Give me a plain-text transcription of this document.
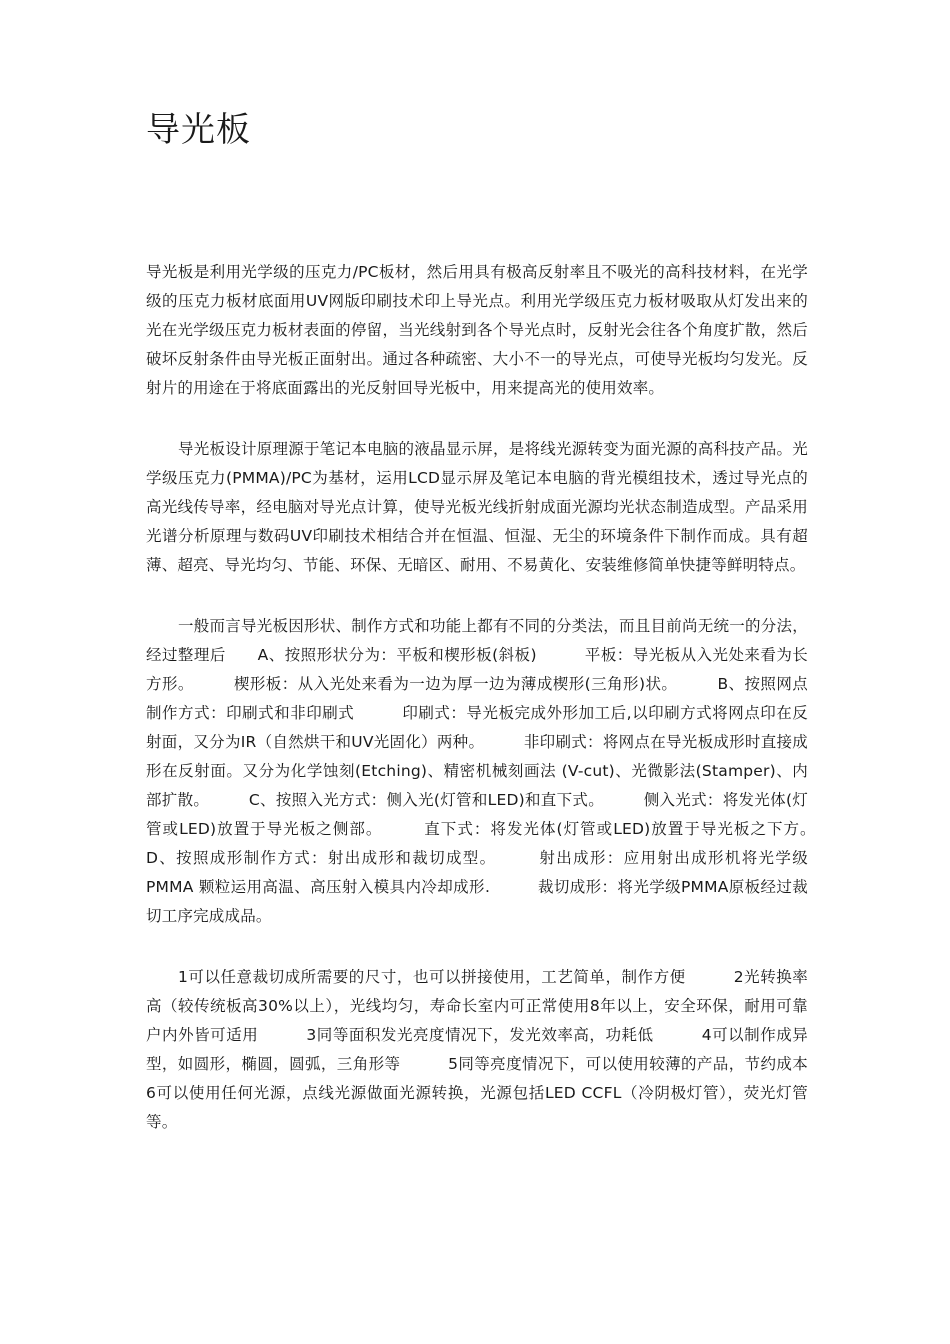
导光板

导光板是利用光学级的压克力/PC板材，然后用具有极高反射率且不吸光的高科技材料，在光学级的压克力板材底面用UV网版印刷技术印上导光点。利用光学级压克力板材吸取从灯发出来的光在光学级压克力板材表面的停留，当光线射到各个导光点时，反射光会往各个角度扩散，然后破坏反射条件由导光板正面射出。通过各种疏密、大小不一的导光点，可使导光板均匀发光。反射片的用途在于将底面露出的光反射回导光板中，用来提高光的使用效率。

导光板设计原理源于笔记本电脑的液晶显示屏，是将线光源转变为面光源的高科技产品。光学级压克力(PMMA)/PC为基材，运用LCD显示屏及笔记本电脑的背光模组技术，透过导光点的高光线传导率，经电脑对导光点计算，使导光板光线折射成面光源均光状态制造成型。产品采用光谱分析原理与数码UV印刷技术相结合并在恒温、恒湿、无尘的环境条件下制作而成。具有超薄、超亮、导光均匀、节能、环保、无暗区、耐用、不易黄化、安装维修简单快捷等鲜明特点。

一般而言导光板因形状、制作方式和功能上都有不同的分类法，而且目前尚无统一的分法，经过整理后　　A、按照形状分为：平板和楔形板(斜板)　　　平板：导光板从入光处来看为长方形。　　　楔形板：从入光处来看为一边为厚一边为薄成楔形(三角形)状。　　　B、按照网点制作方式：印刷式和非印刷式　　　印刷式：导光板完成外形加工后,以印刷方式将网点印在反射面，又分为IR（自然烘干和UV光固化）两种。　　　非印刷式：将网点在导光板成形时直接成形在反射面。又分为化学蚀刻(Etching)、精密机械刻画法 (V-cut)、光微影法(Stamper)、内部扩散。　　　C、按照入光方式：侧入光(灯管和LED)和直下式。　　　侧入光式：将发光体(灯管或LED)放置于导光板之侧部。　　　直下式：将发光体(灯管或LED)放置于导光板之下方。　　　D、按照成形制作方式：射出成形和裁切成型。　　　射出成形：应用射出成形机将光学级 PMMA 颗粒运用高温、高压射入模具内冷却成形.　　　裁切成形：将光学级PMMA原板经过裁切工序完成成品。

1可以任意裁切成所需要的尺寸，也可以拼接使用，工艺简单，制作方便　　　2光转换率高（较传统板高30%以上），光线均匀，寿命长室内可正常使用8年以上，安全环保，耐用可靠户内外皆可适用　　　3同等面积发光亮度情况下，发光效率高，功耗低　　　4可以制作成异型，如圆形，椭圆，圆弧，三角形等　　　5同等亮度情况下，可以使用较薄的产品，节约成本　　　6可以使用任何光源，点线光源做面光源转换，光源包括LED CCFL（冷阴极灯管），荧光灯管等。
